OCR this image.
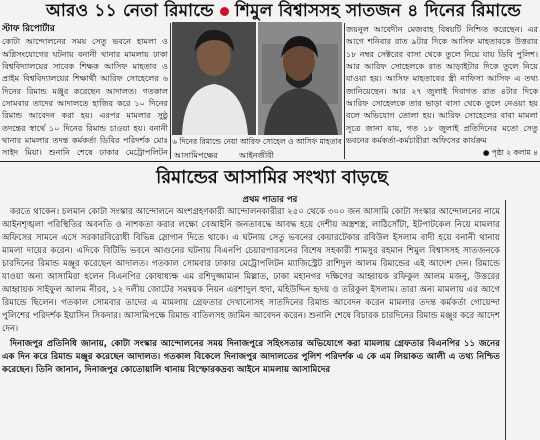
আরও ১১ নেতা রিমান্ডে শিমুল বিশ্বাসসহ সাতজন ৪ দিনের রিমান্ডে
স্টাফ রিপোর্টার
কোটা আন্দোলনের সময় সেতু ভবনে হামলা ও অগ্নিসংযোগের ঘটনায় বনানী থানার মামলায় ঢাকা বিশ্ববিদ্যালয়ের সাবেক শিক্ষক আসিফ মাহতাব ও প্রাইম বিশ্ববিদ্যালয়ের শিক্ষার্থী আরিফ সোহেলের ৬ দিনের রিমান্ড মঞ্জুর করেছেন আদালত। গতকাল সোমবার তাদের আদালতে হাজির করে ১০ দিনের রিমান্ড আবেদন করা হয়। এরপর মামলার সুষ্ঠু তদন্তের স্বার্থে ১০ দিনের রিমান্ড চাওয়া হয়। বনানী থানার মামলার তদন্ত কর্মকর্তা ডিবির পরিদর্শক মোঃ সাইদ মিয়া। শুনানি শেষে ঢাকার মেট্রোপলিটন
৬ দিনের রিমান্ডে নেয়া আরিফ সোহেল ও আসিফ মাহতাব
আসামিপক্ষের আইনজীবী
জয়নুল আবেদীন মেজবাহ বিষয়টি নিশ্চিত করেছেন। এর আগে শনিবার রাত ৯টার দিকে আসিফ মাহতাবকে উত্তরার ১৮ নম্বর সেক্টরের বাসা থেকে তুলে নিয়ে যায় ডিবি পুলিশ। আর আরিফ সোহেলকে রাত আড়াইটার দিকে তুলে নিয়ে যাওয়া হয়। আসিফ মাহতাবের স্ত্রী নাফিসা আসিফ এ তথ্য জানিয়েছেন। আর ২৭ জুলাই দিবাগত রাত ৪টার দিকে আরিফ সোহেলকে তার ভাড়া বাসা থেকে তুলে নেওয়া হয় বলে অভিযোগ তোলা হয়। আরিফ সোহেলের বাবা মামলা সূত্রে জানা যায়, গত ১৮ জুলাই প্রতিদিনের মতো সেতু ভবনের কর্মকর্তা-কর্মচারীরা অফিসের কার্যক্রম
● পৃষ্ঠা ২ কলাম ৪
রিমান্ডের আসামির সংখ্যা বাড়ছে
প্রথম পাতার পর

করতে থাকেন। চলমান কোটা সংস্কার আন্দোলনে অংশগ্রহণকারী আন্দোলনকারীরা ২৫০ থেকে ৩০০ জন আসামি কোটা সংস্কার আন্দোলনের নামে আইনশৃঙ্খলা পরিস্থিতির অবনতি ও নাশকতা করার লক্ষ্যে বেআইনি জনতাবদ্ধে আবদ্ধ হয়ে দেশীয় অস্ত্রশস্ত্র, লাঠিসোঁটা, ইটপাটকেল নিয়ে মামলার অফিসের সামনে এসে সরকারবিরোধী বিভিন্ন স্লোগান দিতে থাকে। এ ঘটনায় সেতু ভবনের কেয়ারটেকার রবিউল ইসলাম বাদী হয়ে বনানী থানায় মামলা দায়ের করেন। এদিকে বিটিভি ভবনে আগুনের ঘটনায় বিএনপি চেয়ারপারসনের বিশেষ সহকারী শামসুর রহমান শিমুল বিশ্বাসসহ সাতজনকে চারদিনের রিমান্ড মঞ্জুর করেছেন আদালত। গতকাল সোমবার ঢাকার মেট্রোপলিটন ম্যাজিস্ট্রেট রাশিদুল আলম রিমান্ডের এই আদেশ দেন। রিমান্ডে যাওয়া অন্য আসামিরা হলেন বিএনপির কোষাধ্যক্ষ এম রশিদুজ্জামান মিল্লাত, ঢাকা মহানগর দক্ষিণের আহ্বায়ক রফিকুল আলম মজনু, উত্তরের আহ্বায়ক সাইফুল আলম নীরব, ১২ দলীয় জোটের সমন্বয়ক নিয়ন এরশাদুল হুদা, মহিউদ্দিন হৃদয় ও তরিকুল ইসলাম। তারা অন্য মামলায় এর আগে রিমান্ডে ছিলেন। গতকাল সোমবার তাদের এ মামলায় গ্রেফতার দেখানোসহ সাতদিনের রিমান্ড আবেদন করেন মামলার তদন্ত কর্মকর্তা গোয়েন্দা পুলিশের পরিদর্শক ইয়াসিন সিকদার। আসামিপক্ষে রিমান্ড বাতিলসহ জামিন আবেদন করেন। শুনানি শেষে বিচারক চারদিনের রিমান্ড মঞ্জুর করে আদেশ দেন।

দিনাজপুর প্রতিনিধি জানায়, কোটা সংস্কার আন্দোলনের সময় দিনাজপুরে সহিংসতার অভিযোগে করা মামলায় গ্রেফতার বিএনপির ১১ জনের এক দিন করে রিমান্ড মঞ্জুর করেছেন আদালত। গতকাল বিকেলে দিনাজপুর আদালতের পুলিশ পরিদর্শক এ কে এম লিয়াকত আলী এ তথ্য নিশ্চিত করেছেন। তিনি জানান, দিনাজপুর কোতোয়ালি থানায় বিস্ফোরকদ্রব্য আইনে মামলায় আসামিদের
